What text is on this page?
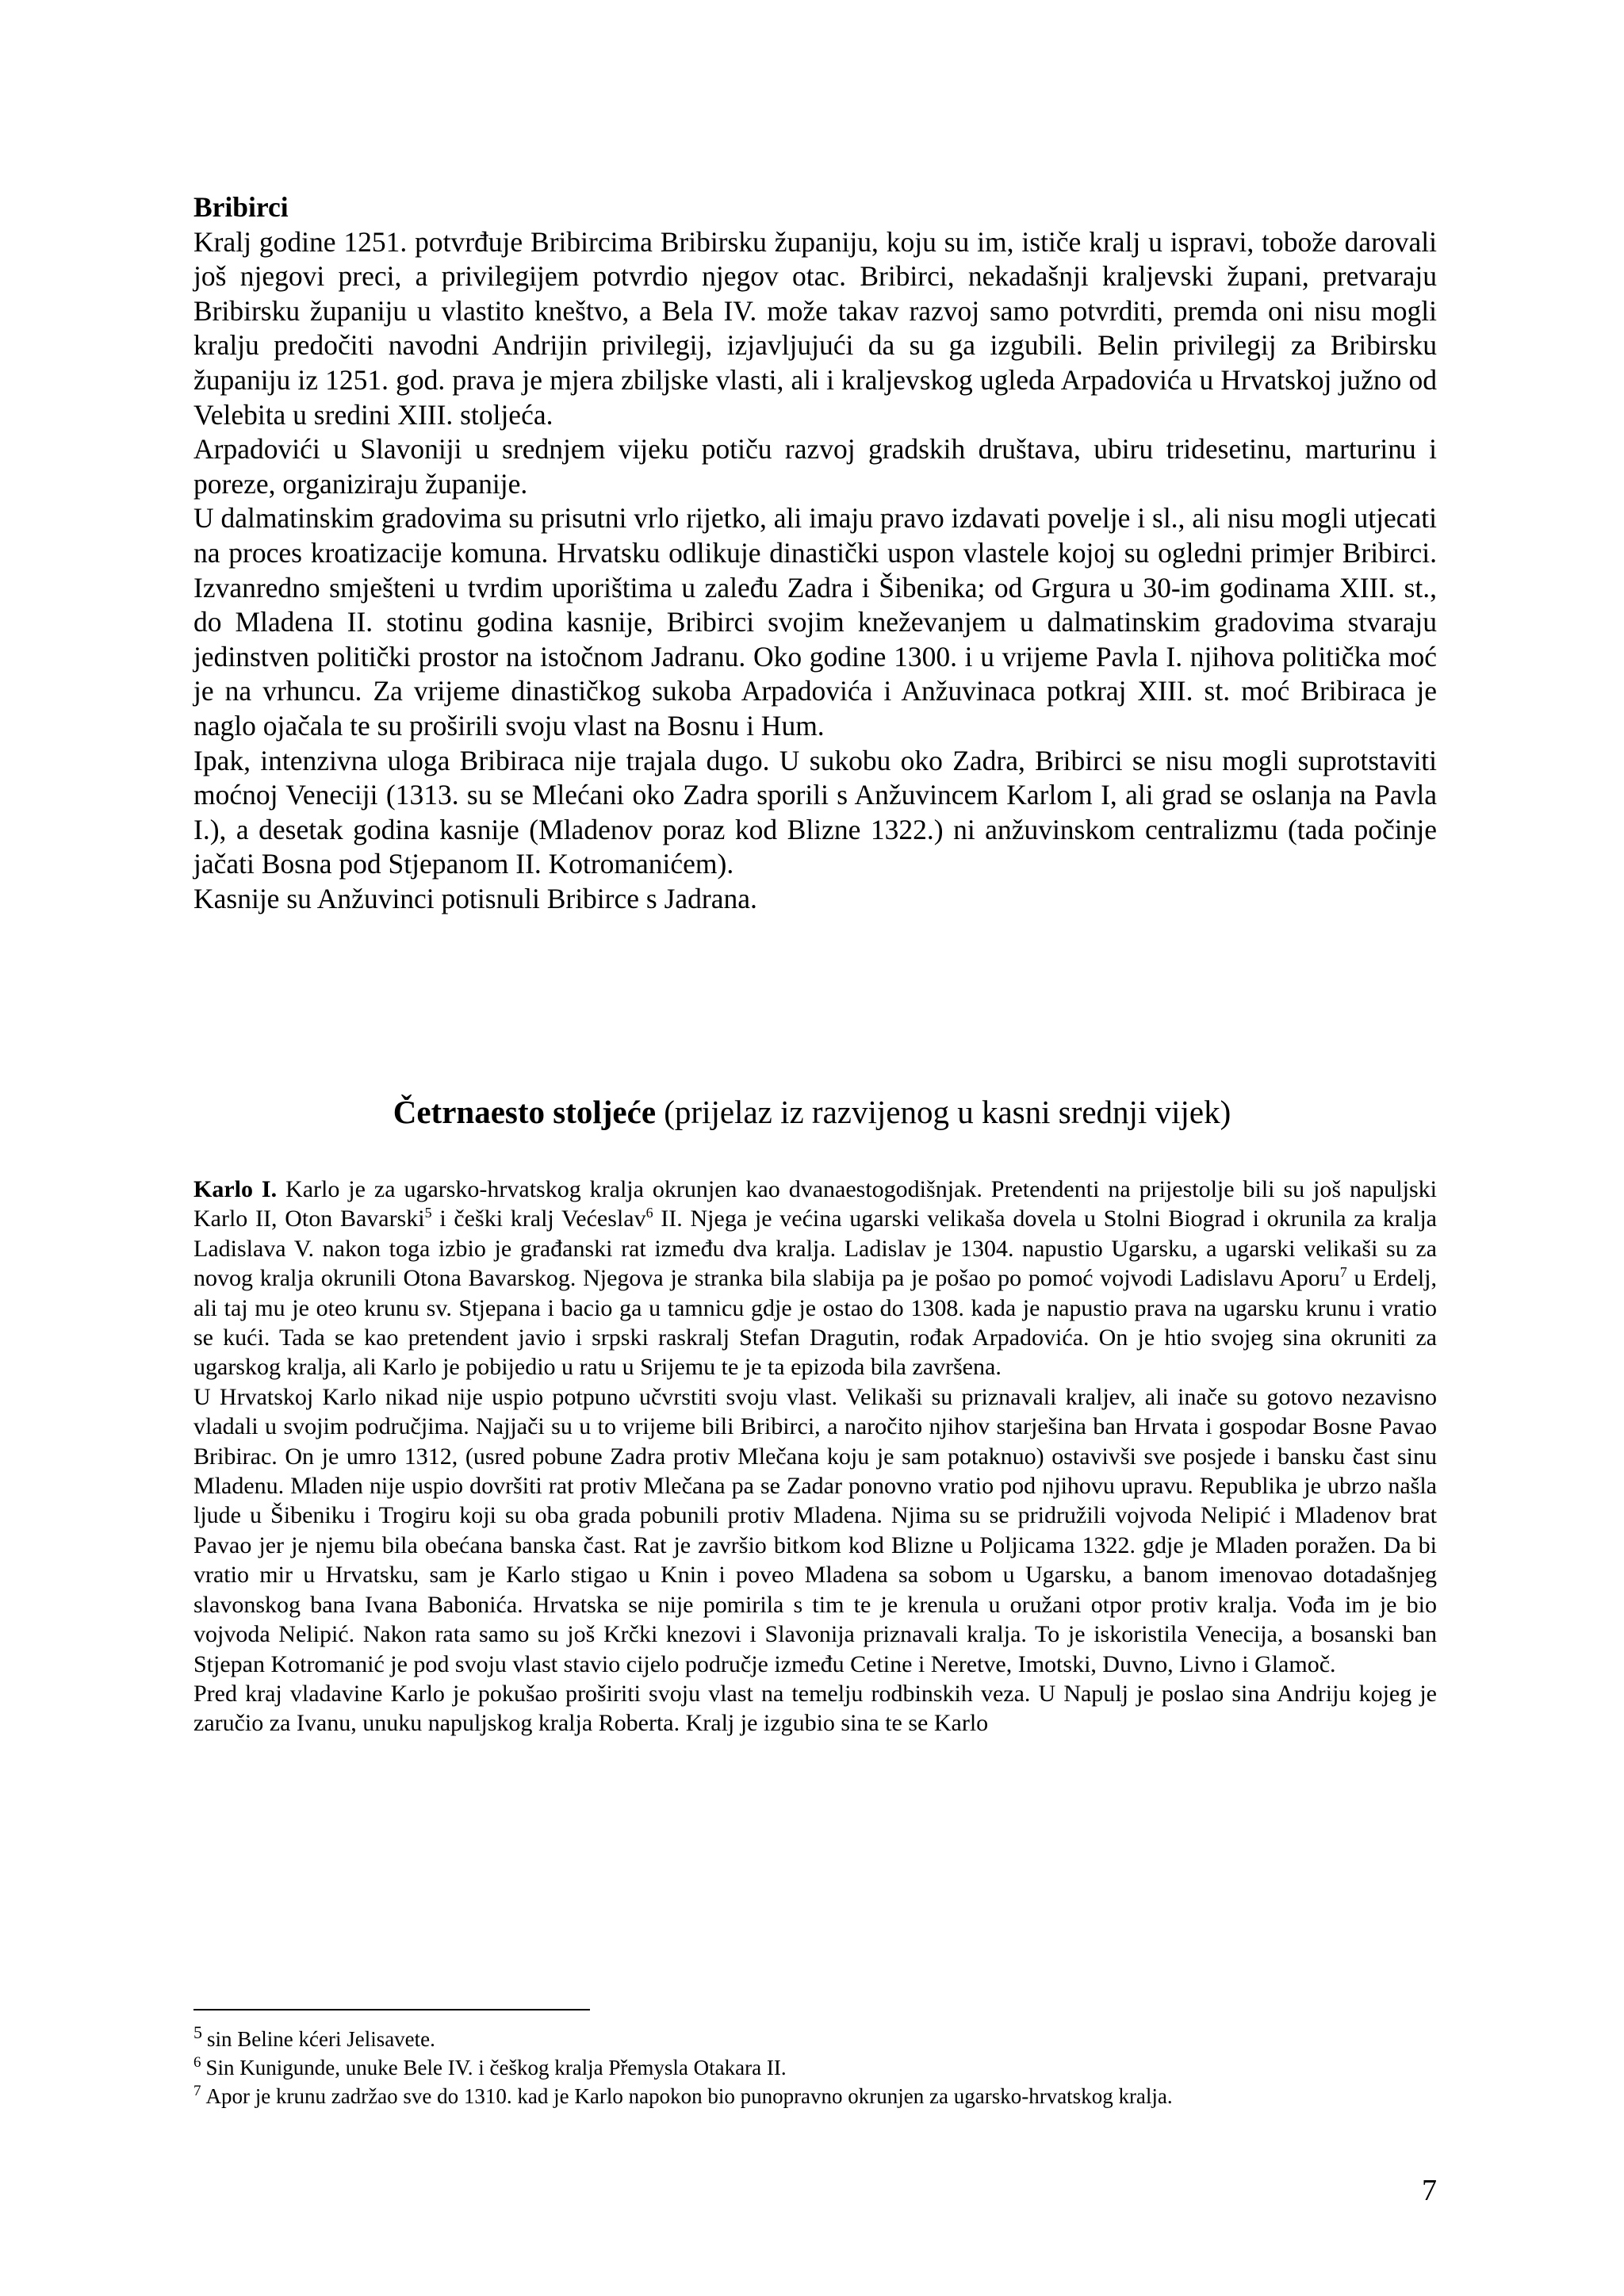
Bribirci

Kralj godine 1251. potvrđuje Bribircima Bribirsku županiju, koju su im, ističe kralj u ispravi, tobože darovali još njegovi preci, a privilegijem potvrdio njegov otac. Bribirci, nekadašnji kraljevski župani, pretvaraju Bribirsku županiju u vlastito kneštvo, a Bela IV. može takav razvoj samo potvrditi, premda oni nisu mogli kralju predočiti navodni Andrijin privilegij, izjavljujući da su ga izgubili. Belin privilegij za Bribirsku županiju iz 1251. god. prava je mjera zbiljske vlasti, ali i kraljevskog ugleda Arpadovića u Hrvatskoj južno od Velebita u sredini XIII. stoljeća.

Arpadovići u Slavoniji u srednjem vijeku potiču razvoj gradskih društava, ubiru tridesetinu, marturinu i poreze, organiziraju županije.

U dalmatinskim gradovima su prisutni vrlo rijetko, ali imaju pravo izdavati povelje i sl., ali nisu mogli utjecati na proces kroatizacije komuna. Hrvatsku odlikuje dinastički uspon vlastele kojoj su ogledni primjer Bribirci. Izvanredno smješteni u tvrdim uporištima u zaleđu Zadra i Šibenika; od Grgura u 30-im godinama XIII. st., do Mladena II. stotinu godina kasnije, Bribirci svojim kneževanjem u dalmatinskim gradovima stvaraju jedinstven politički prostor na istočnom Jadranu. Oko godine 1300. i u vrijeme Pavla I. njihova politička moć je na vrhuncu. Za vrijeme dinastičkog sukoba Arpadovića i Anžuvinaca potkraj XIII. st. moć Bribiraca je naglo ojačala te su proširili svoju vlast na Bosnu i Hum.

Ipak, intenzivna uloga Bribiraca nije trajala dugo. U sukobu oko Zadra, Bribirci se nisu mogli suprotstaviti moćnoj Veneciji (1313. su se Mlećani oko Zadra sporili s Anžuvincem Karlom I, ali grad se oslanja na Pavla I.), a desetak godina kasnije (Mladenov poraz kod Blizne 1322.) ni anžuvinskom centralizmu (tada počinje jačati Bosna pod Stjepanom II. Kotromanićem).

Kasnije su Anžuvinci potisnuli Bribirce s Jadrana.

Četrnaesto stoljeće (prijelaz iz razvijenog u kasni srednji vijek)

Karlo I. Karlo je za ugarsko-hrvatskog kralja okrunjen kao dvanaestogodišnjak. Pretendenti na prijestolje bili su još napuljski Karlo II, Oton Bavarski$^5$ i češki kralj Većeslav$^6$ II. Njega je većina ugarski velikaša dovela u Stolni Biograd i okrunila za kralja Ladislava V. nakon toga izbio je građanski rat između dva kralja. Ladislav je 1304. napustio Ugarsku, a ugarski velikaši su za novog kralja okrunili Otona Bavarskog. Njegova je stranka bila slabija pa je pošao po pomoć vojvodi Ladislavu Aporu$^7$ u Erdelj, ali taj mu je oteo krunu sv. Stjepana i bacio ga u tamnicu gdje je ostao do 1308. kada je napustio prava na ugarsku krunu i vratio se kući. Tada se kao pretendent javio i srpski raskralj Stefan Dragutin, rođak Arpadovića. On je htio svojeg sina okruniti za ugarskog kralja, ali Karlo je pobijedio u ratu u Srijemu te je ta epizoda bila završena.

U Hrvatskoj Karlo nikad nije uspio potpuno učvrstiti svoju vlast. Velikaši su priznavali kraljev, ali inače su gotovo nezavisno vladali u svojim područjima. Najjači su u to vrijeme bili Bribirci, a naročito njihov starješina ban Hrvata i gospodar Bosne Pavao Bribirac. On je umro 1312, (usred pobune Zadra protiv Mlečana koju je sam potaknuo) ostavivši sve posjede i bansku čast sinu Mladenu. Mladen nije uspio dovršiti rat protiv Mlečana pa se Zadar ponovno vratio pod njihovu upravu. Republika je ubrzo našla ljude u Šibeniku i Trogiru koji su oba grada pobunili protiv Mladena. Njima su se pridružili vojvoda Nelipić i Mladenov brat Pavao jer je njemu bila obećana banska čast. Rat je završio bitkom kod Blizne u Poljicama 1322. gdje je Mladen poražen. Da bi vratio mir u Hrvatsku, sam je Karlo stigao u Knin i poveo Mladena sa sobom u Ugarsku, a banom imenovao dotadašnjeg slavonskog bana Ivana Babonića. Hrvatska se nije pomirila s tim te je krenula u oružani otpor protiv kralja. Vođa im je bio vojvoda Nelipić. Nakon rata samo su još Krčki knezovi i Slavonija priznavali kralja. To je iskoristila Venecija, a bosanski ban Stjepan Kotromanić je pod svoju vlast stavio cijelo područje između Cetine i Neretve, Imotski, Duvno, Livno i Glamoč.

Pred kraj vladavine Karlo je pokušao proširiti svoju vlast na temelju rodbinskih veza. U Napulj je poslao sina Andriju kojeg je zaručio za Ivanu, unuku napuljskog kralja Roberta. Kralj je izgubio sina te se Karlo

$^5$ sin Beline kćeri Jelisavete.

$^6$ Sin Kunigunde, unuke Bele IV. i češkog kralja Přemysla Otakara II.

$^7$ Apor je krunu zadržao sve do 1310. kad je Karlo napokon bio punopravno okrunjen za ugarsko-hrvatskog kralja.

7
